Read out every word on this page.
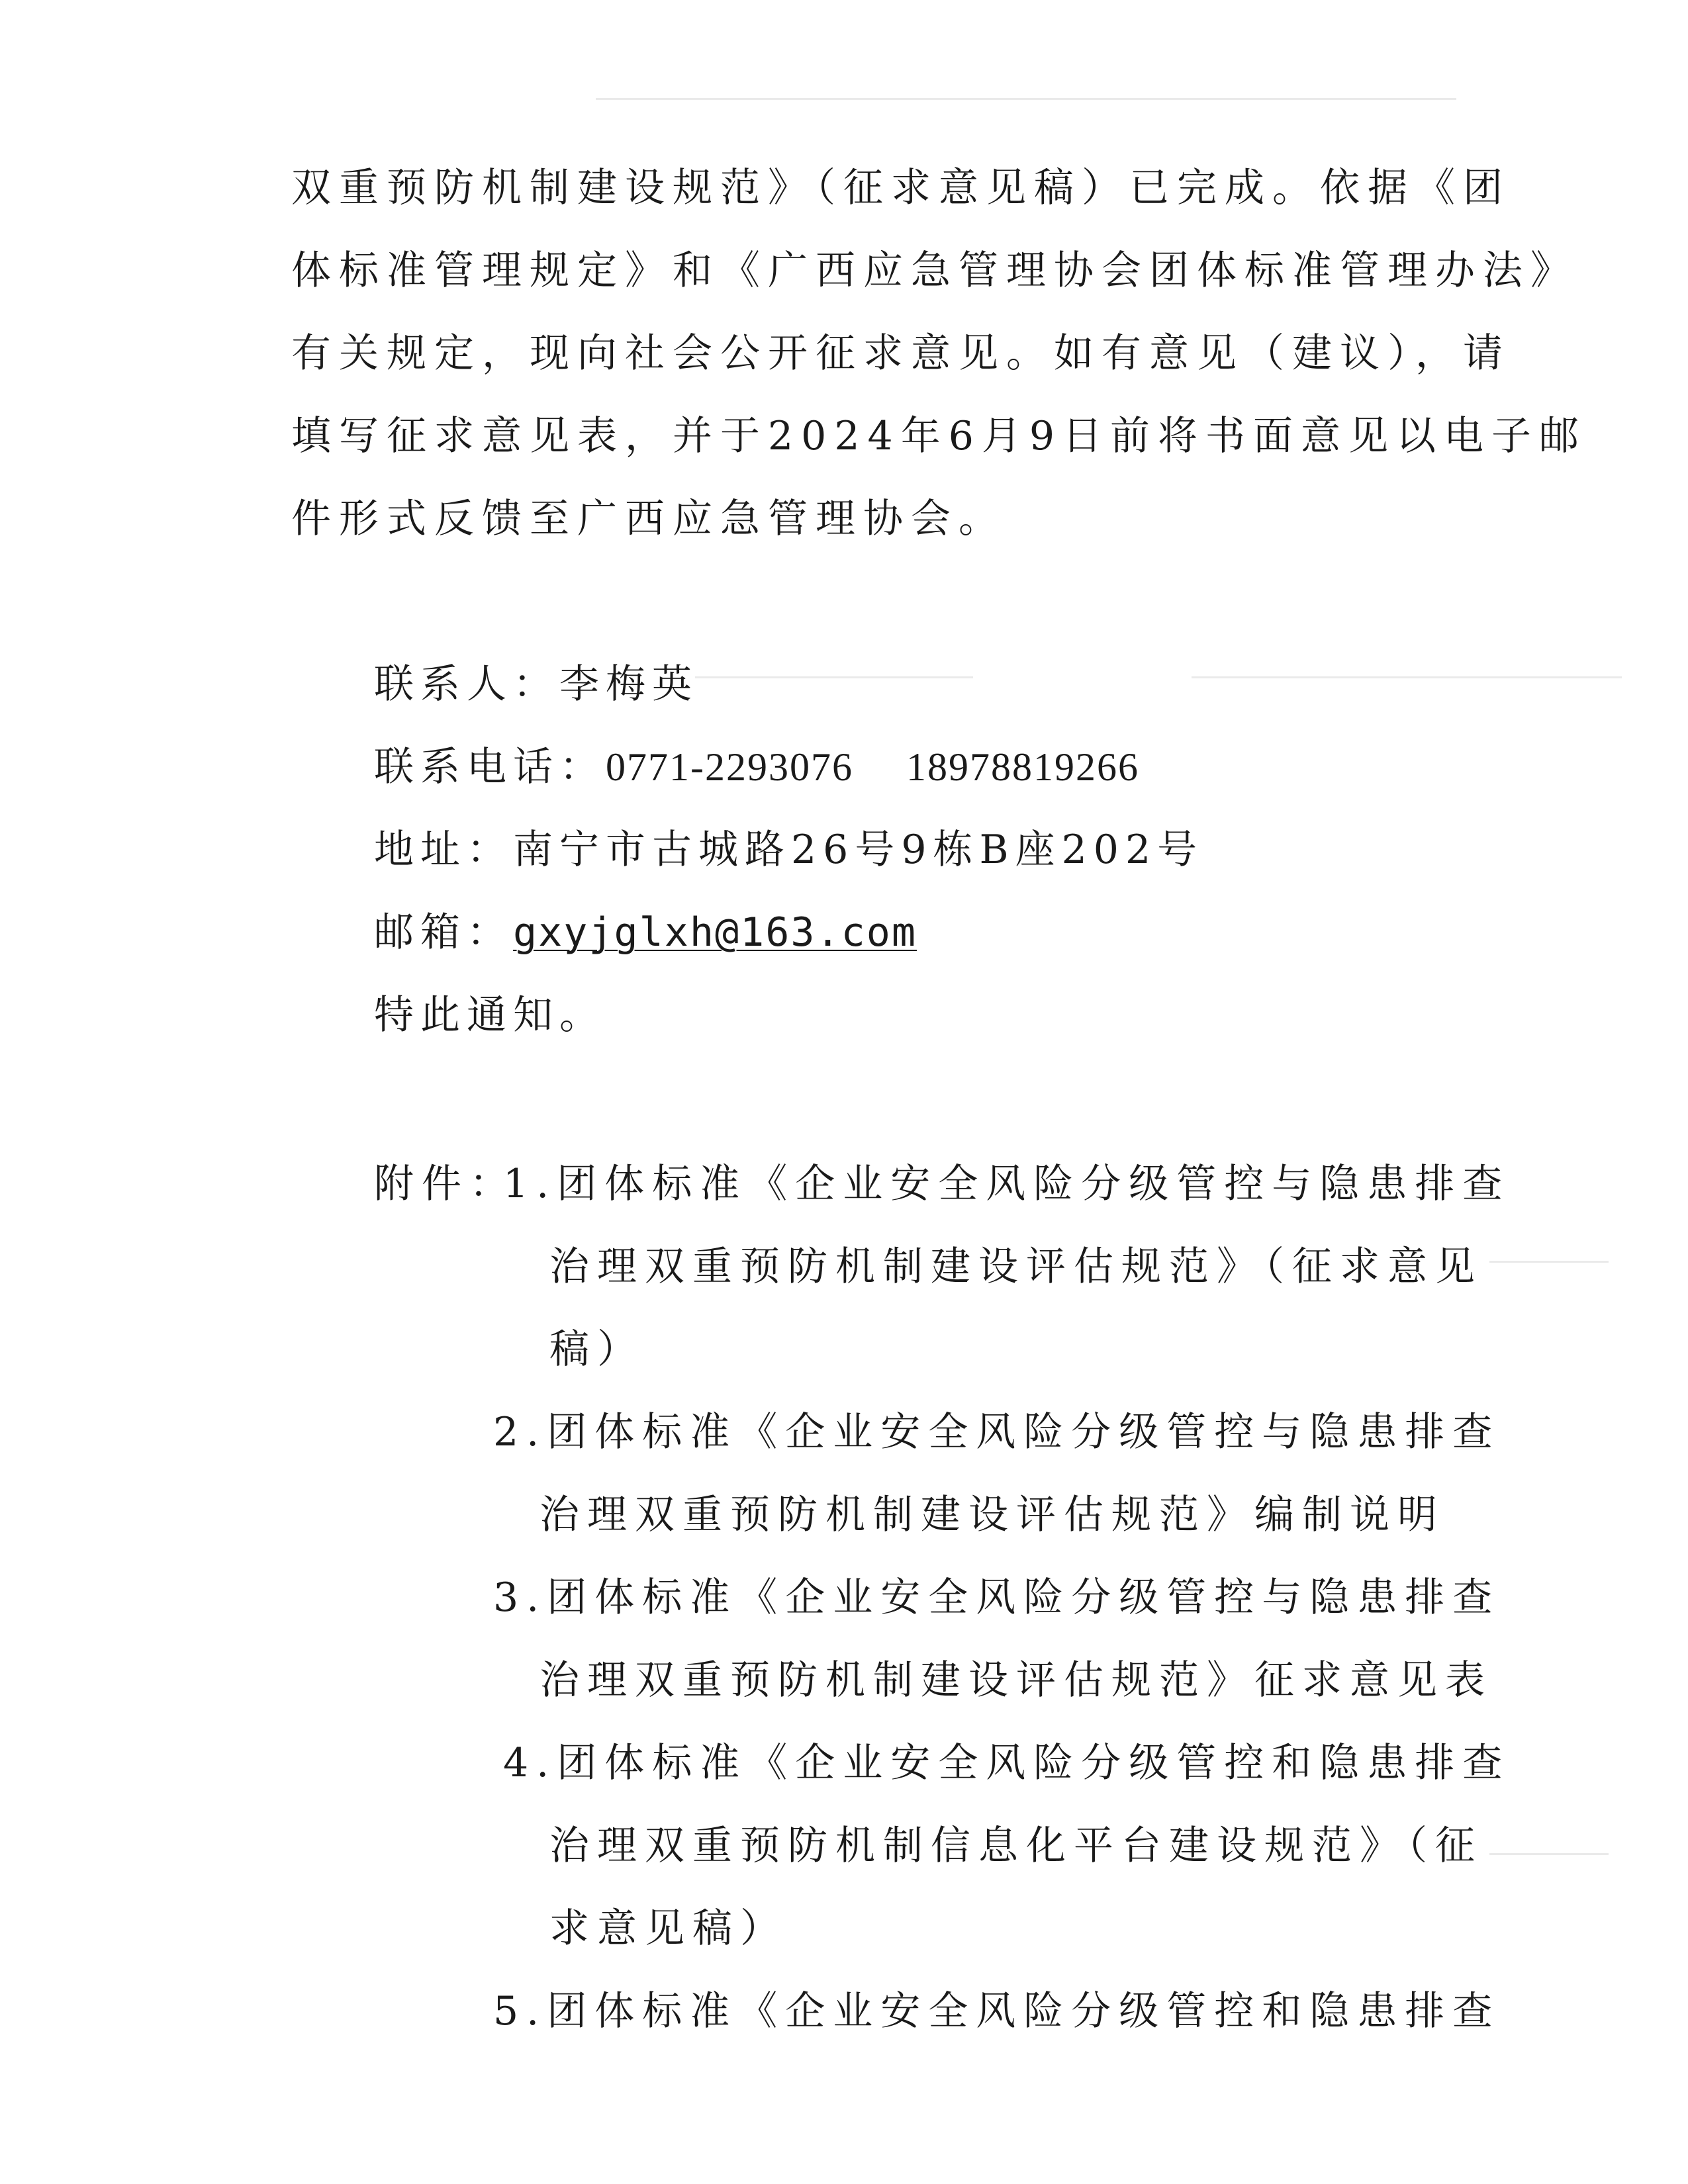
双重预防机制建设规范》（征求意见稿）已完成。依据《团
体标准管理规定》和《广西应急管理协会团体标准管理办法》
有关规定，现向社会公开征求意见。如有意见（建议），请
填写征求意见表，并于2024年6月9日前将书面意见以电子邮
件形式反馈至广西应急管理协会。
联系人：李梅英
联系电话：0771-2293076 18978819266
地址：南宁市古城路26号9栋B座202号
邮箱：gxyjglxh@163.com
特此通知。
附件：
1.团体标准《企业安全风险分级管控与隐患排查
治理双重预防机制建设评估规范》（征求意见
稿）
2.团体标准《企业安全风险分级管控与隐患排查
治理双重预防机制建设评估规范》编制说明
3.团体标准《企业安全风险分级管控与隐患排查
治理双重预防机制建设评估规范》征求意见表
4.团体标准《企业安全风险分级管控和隐患排查
治理双重预防机制信息化平台建设规范》（征
求意见稿）
5.团体标准《企业安全风险分级管控和隐患排查
